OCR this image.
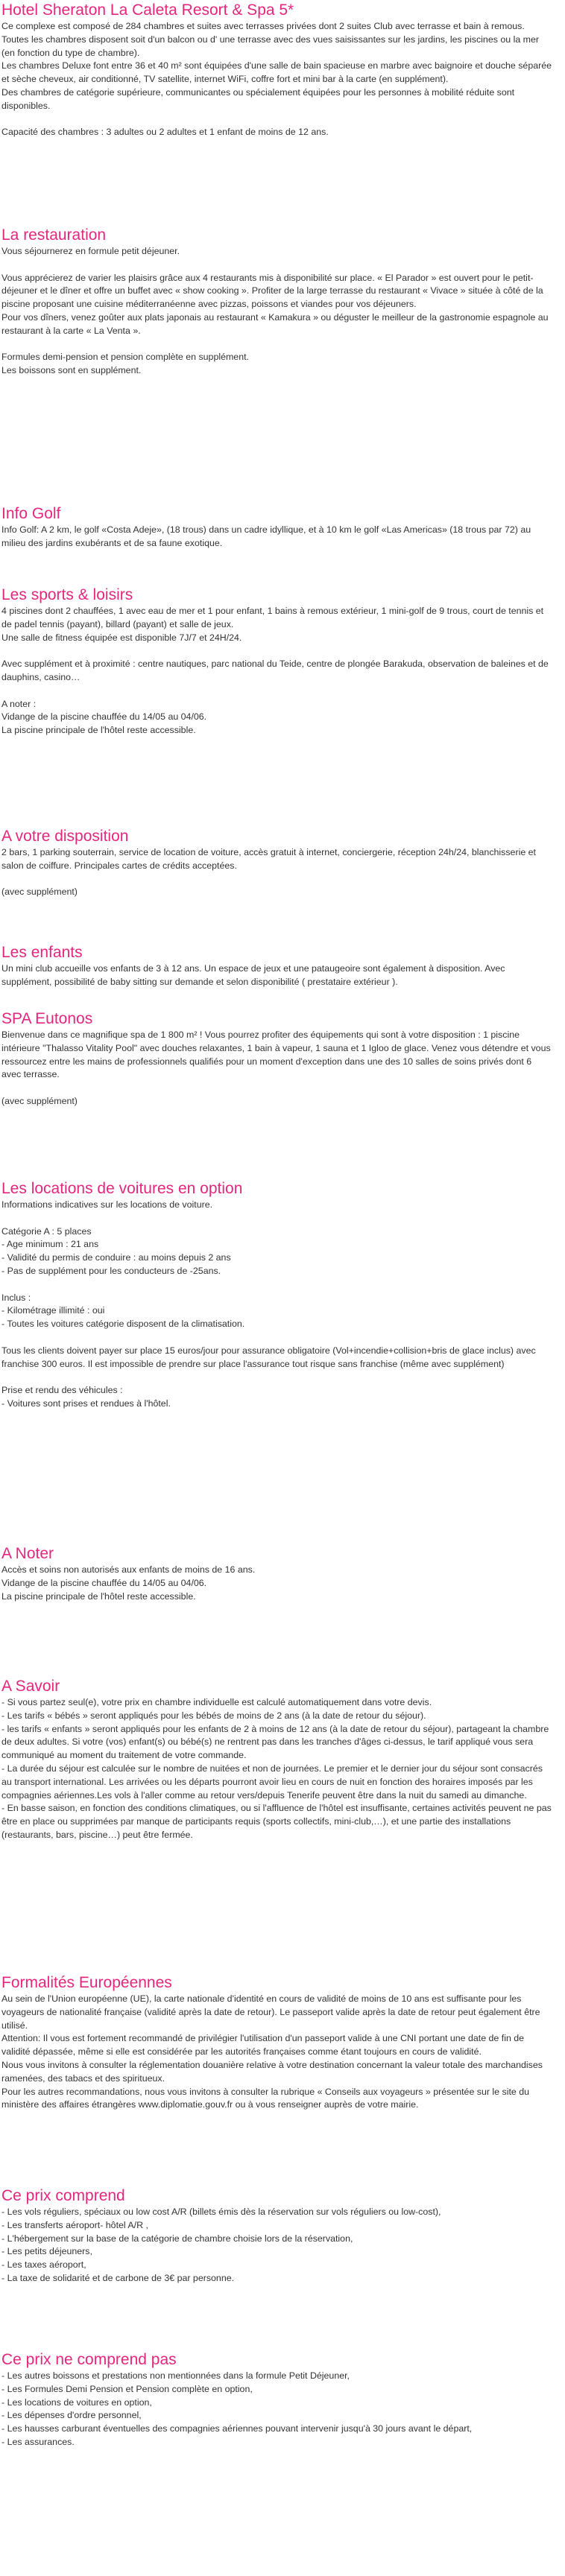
Hotel Sheraton La Caleta Resort & Spa 5*

Ce complexe est composé de 284 chambres et suites avec terrasses privées dont 2 suites Club avec terrasse et bain à remous. Toutes les chambres disposent soit d'un balcon ou d' une terrasse avec des vues saisissantes sur les jardins, les piscines ou la mer (en fonction du type de chambre).

Les chambres Deluxe font entre 36 et 40 m² sont équipées d'une salle de bain spacieuse en marbre avec baignoire et douche séparée et sèche cheveux, air conditionné, TV satellite, internet WiFi, coffre fort et mini bar à la carte (en supplément).

Des chambres de catégorie supérieure, communicantes ou spécialement équipées pour les personnes à mobilité réduite sont disponibles.

Capacité des chambres : 3 adultes ou 2 adultes et 1 enfant de moins de 12 ans.

La restauration

Vous séjournerez en formule petit déjeuner.

Vous apprécierez de varier les plaisirs grâce aux 4 restaurants mis à disponibilité sur place. « El Parador » est ouvert pour le petit-déjeuner et le dîner et offre un buffet avec « show cooking ». Profiter de la large terrasse du restaurant « Vivace » située à côté de la piscine proposant une cuisine méditerranéenne avec pizzas, poissons et viandes pour vos déjeuners.

Pour vos dîners, venez goûter aux plats japonais au restaurant « Kamakura » ou déguster le meilleur de la gastronomie espagnole au restaurant à la carte « La Venta ».

Formules demi-pension et pension complète en supplément.

Les boissons sont en supplément.

Info Golf

Info Golf: A 2 km, le golf «Costa Adeje», (18 trous) dans un cadre idyllique, et à 10 km le golf «Las Americas» (18 trous par 72) au milieu des jardins exubérants et de sa faune exotique.

Les sports & loisirs

4 piscines dont 2 chauffées, 1 avec eau de mer et 1 pour enfant, 1 bains à remous extérieur, 1 mini-golf de 9 trous, court de tennis et de padel tennis (payant), billard (payant) et salle de jeux.

Une salle de fitness équipée est disponible 7J/7 et 24H/24.

Avec supplément et à proximité : centre nautiques, parc national du Teide, centre de plongée Barakuda, observation de baleines et de dauphins, casino…

A noter :

Vidange de la piscine chauffée du 14/05 au 04/06.

La piscine principale de l'hôtel reste accessible.

A votre disposition

2 bars, 1 parking souterrain, service de location de voiture, accès gratuit à internet, conciergerie, réception 24h/24, blanchisserie et salon de coiffure. Principales cartes de crédits acceptées.

(avec supplément)

Les enfants

Un mini club accueille vos enfants de 3 à 12 ans. Un espace de jeux et une pataugeoire sont également à disposition. Avec supplément, possibilité de baby sitting sur demande et selon disponibilité ( prestataire extérieur ).

SPA Eutonos

Bienvenue dans ce magnifique spa de 1 800 m² ! Vous pourrez profiter des équipements qui sont à votre disposition : 1 piscine intérieure "Thalasso Vitality Pool" avec douches relaxantes, 1 bain à vapeur, 1 sauna et 1 Igloo de glace. Venez vous détendre et vous ressourcez entre les mains de professionnels qualifiés pour un moment d'exception dans une des 10 salles de soins privés dont 6 avec terrasse.

(avec supplément)

Les locations de voitures en option

Informations indicatives sur les locations de voiture.

Catégorie A : 5 places

- Age minimum : 21 ans

- Validité du permis de conduire : au moins depuis 2 ans

- Pas de supplément pour les conducteurs de -25ans.

Inclus :

- Kilométrage illimité : oui

- Toutes les voitures catégorie disposent de la climatisation.

Tous les clients doivent payer sur place 15 euros/jour pour assurance obligatoire (Vol+incendie+collision+bris de glace inclus) avec franchise 300 euros. Il est impossible de prendre sur place l'assurance tout risque sans franchise (même avec supplément)

Prise et rendu des véhicules :

- Voitures sont prises et rendues à l'hôtel.

A Noter

Accès et soins non autorisés aux enfants de moins de 16 ans.

Vidange de la piscine chauffée du 14/05 au 04/06.

La piscine principale de l'hôtel reste accessible.

A Savoir

- Si vous partez seul(e), votre prix en chambre individuelle est calculé automatiquement dans votre devis.

- Les tarifs « bébés » seront appliqués pour les bébés de moins de 2 ans (à la date de retour du séjour).

- les tarifs « enfants » seront appliqués pour les enfants de 2 à moins de 12 ans (à la date de retour du séjour), partageant la chambre de deux adultes. Si votre (vos) enfant(s) ou bébé(s) ne rentrent pas dans les tranches d'âges ci-dessus, le tarif appliqué vous sera communiqué au moment du traitement de votre commande.

- La durée du séjour est calculée sur le nombre de nuitées et non de journées. Le premier et le dernier jour du séjour sont consacrés au transport international. Les arrivées ou les départs pourront avoir lieu en cours de nuit en fonction des horaires imposés par les compagnies aériennes.Les vols à l'aller comme au retour vers/depuis Tenerife peuvent être dans la nuit du samedi au dimanche.

- En basse saison, en fonction des conditions climatiques, ou si l'affluence de l'hôtel est insuffisante, certaines activités peuvent ne pas être en place ou supprimées par manque de participants requis (sports collectifs, mini-club,…), et une partie des installations (restaurants, bars, piscine…) peut être fermée.

Formalités Européennes

Au sein de l'Union européenne (UE), la carte nationale d'identité en cours de validité de moins de 10 ans est suffisante pour les voyageurs de nationalité française (validité après la date de retour). Le passeport valide après la date de retour peut également être utilisé.

Attention: Il vous est fortement recommandé de privilégier l'utilisation d'un passeport valide à une CNI portant une date de fin de validité dépassée, même si elle est considérée par les autorités françaises comme étant toujours en cours de validité.

Nous vous invitons à consulter la réglementation douanière relative à votre destination concernant la valeur totale des marchandises ramenées, des tabacs et des spiritueux.

Pour les autres recommandations, nous vous invitons à consulter la rubrique « Conseils aux voyageurs » présentée sur le site du ministère des affaires étrangères www.diplomatie.gouv.fr ou à vous renseigner auprès de votre mairie.

Ce prix comprend

- Les vols réguliers, spéciaux ou low cost A/R (billets émis dès la réservation sur vols réguliers ou low-cost),

- Les transferts aéroport- hôtel A/R ,

- L'hébergement sur la base de la catégorie de chambre choisie lors de la réservation,

- Les petits déjeuners,

- Les taxes aéroport,

- La taxe de solidarité et de carbone de 3€ par personne.

Ce prix ne comprend pas

- Les autres boissons et prestations non mentionnées dans la formule Petit Déjeuner,

- Les Formules Demi Pension et Pension complète en option,

- Les locations de voitures en option,

- Les dépenses d'ordre personnel,

- Les hausses carburant éventuelles des compagnies aériennes pouvant intervenir jusqu'à 30 jours avant le départ,

- Les assurances.
